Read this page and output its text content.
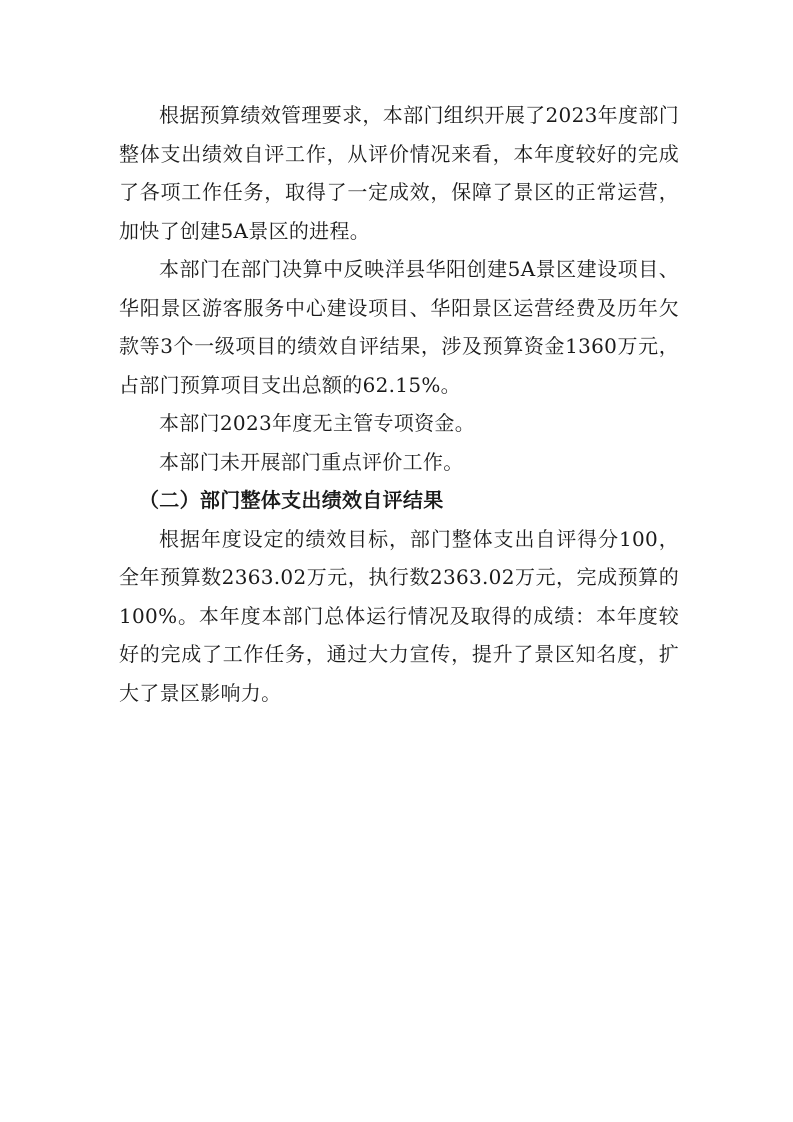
根据预算绩效管理要求，本部门组织开展了2023年度部门整体支出绩效自评工作，从评价情况来看，本年度较好的完成了各项工作任务，取得了一定成效，保障了景区的正常运营，加快了创建5A景区的进程。

本部门在部门决算中反映洋县华阳创建5A景区建设项目、华阳景区游客服务中心建设项目、华阳景区运营经费及历年欠款等3个一级项目的绩效自评结果，涉及预算资金1360万元，占部门预算项目支出总额的62.15%。

本部门2023年度无主管专项资金。

本部门未开展部门重点评价工作。

（二）部门整体支出绩效自评结果

根据年度设定的绩效目标，部门整体支出自评得分100，全年预算数2363.02万元，执行数2363.02万元，完成预算的100%。本年度本部门总体运行情况及取得的成绩：本年度较好的完成了工作任务，通过大力宣传，提升了景区知名度，扩大了景区影响力。
